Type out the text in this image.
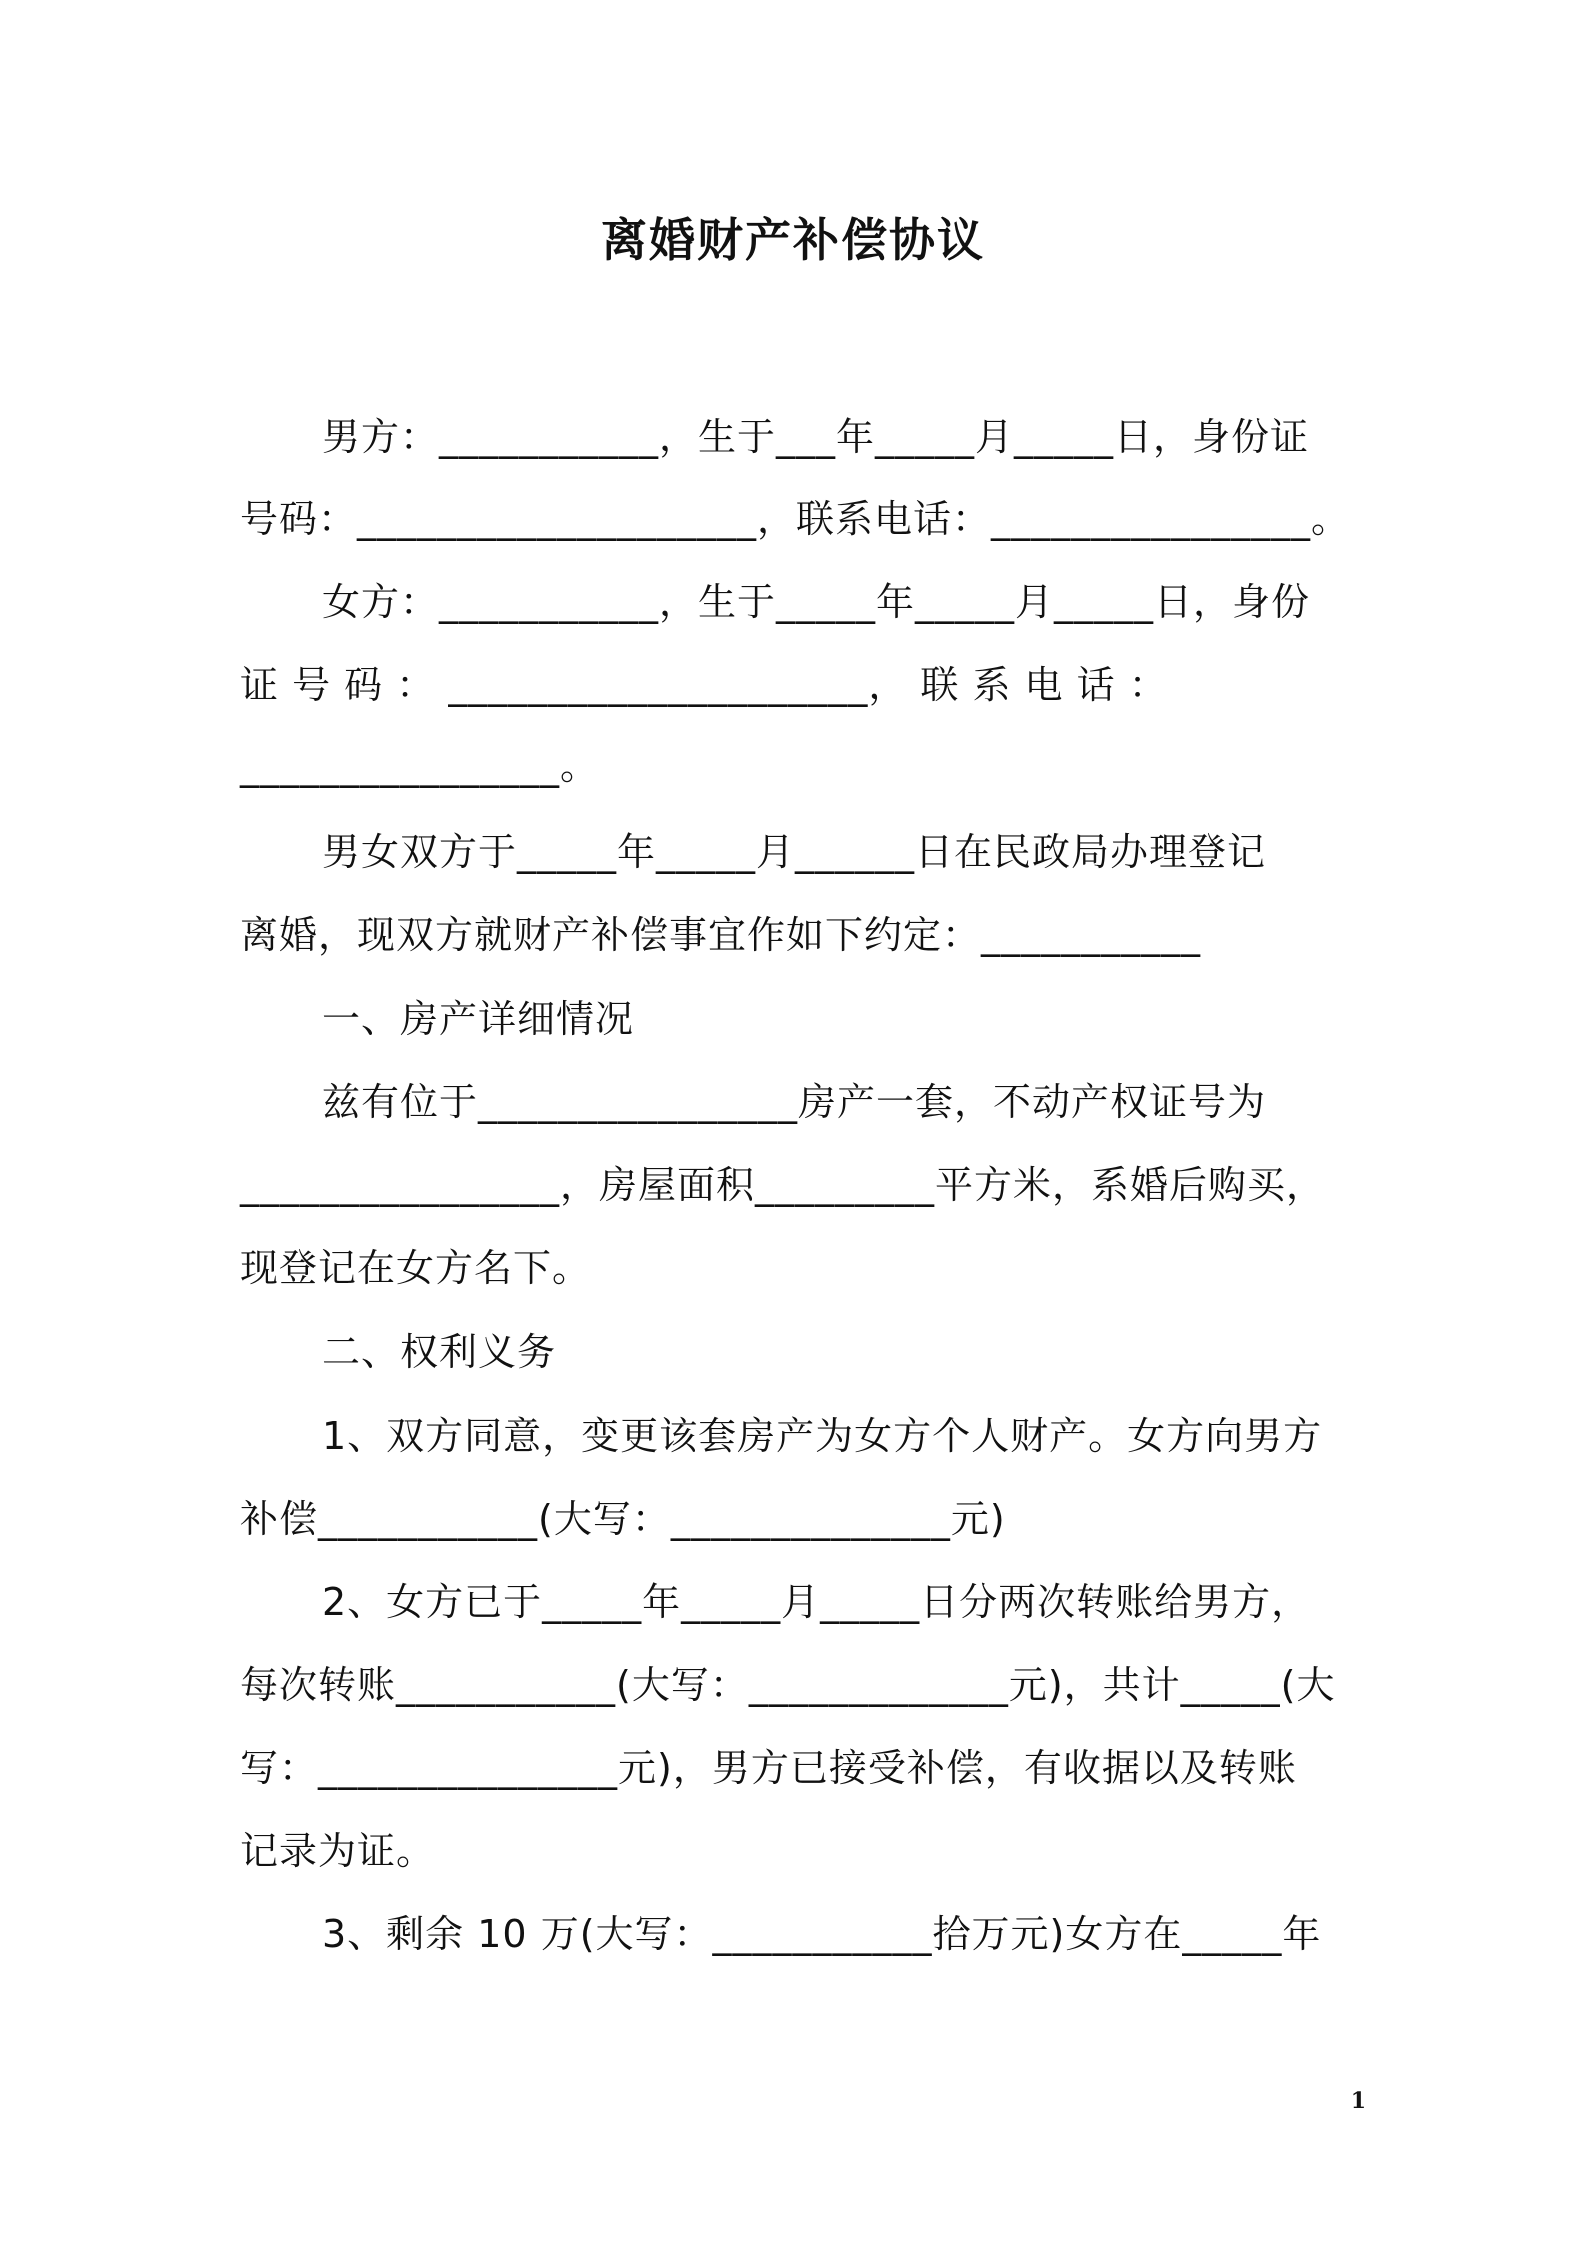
离婚财产补偿协议
男方：___________，生于___年_____月_____日，身份证
号码：____________________，联系电话：________________。
女方：___________，生于_____年_____月_____日，身份
证 号 码 ： _____________________， 联 系 电 话 ：
________________。
男女双方于_____年_____月______日在民政局办理登记
离婚，现双方就财产补偿事宜作如下约定：___________
一、房产详细情况
兹有位于________________房产一套，不动产权证号为
________________，房屋面积_________平方米，系婚后购买，
现登记在女方名下。
二、权利义务
1、双方同意，变更该套房产为女方个人财产。女方向男方
补偿___________(大写：______________元)
2、女方已于_____年_____月_____日分两次转账给男方，
每次转账___________(大写：_____________元)，共计_____(大
写：_______________元)，男方已接受补偿，有收据以及转账
记录为证。
3、剩余 10 万(大写：___________拾万元)女方在_____年
1
